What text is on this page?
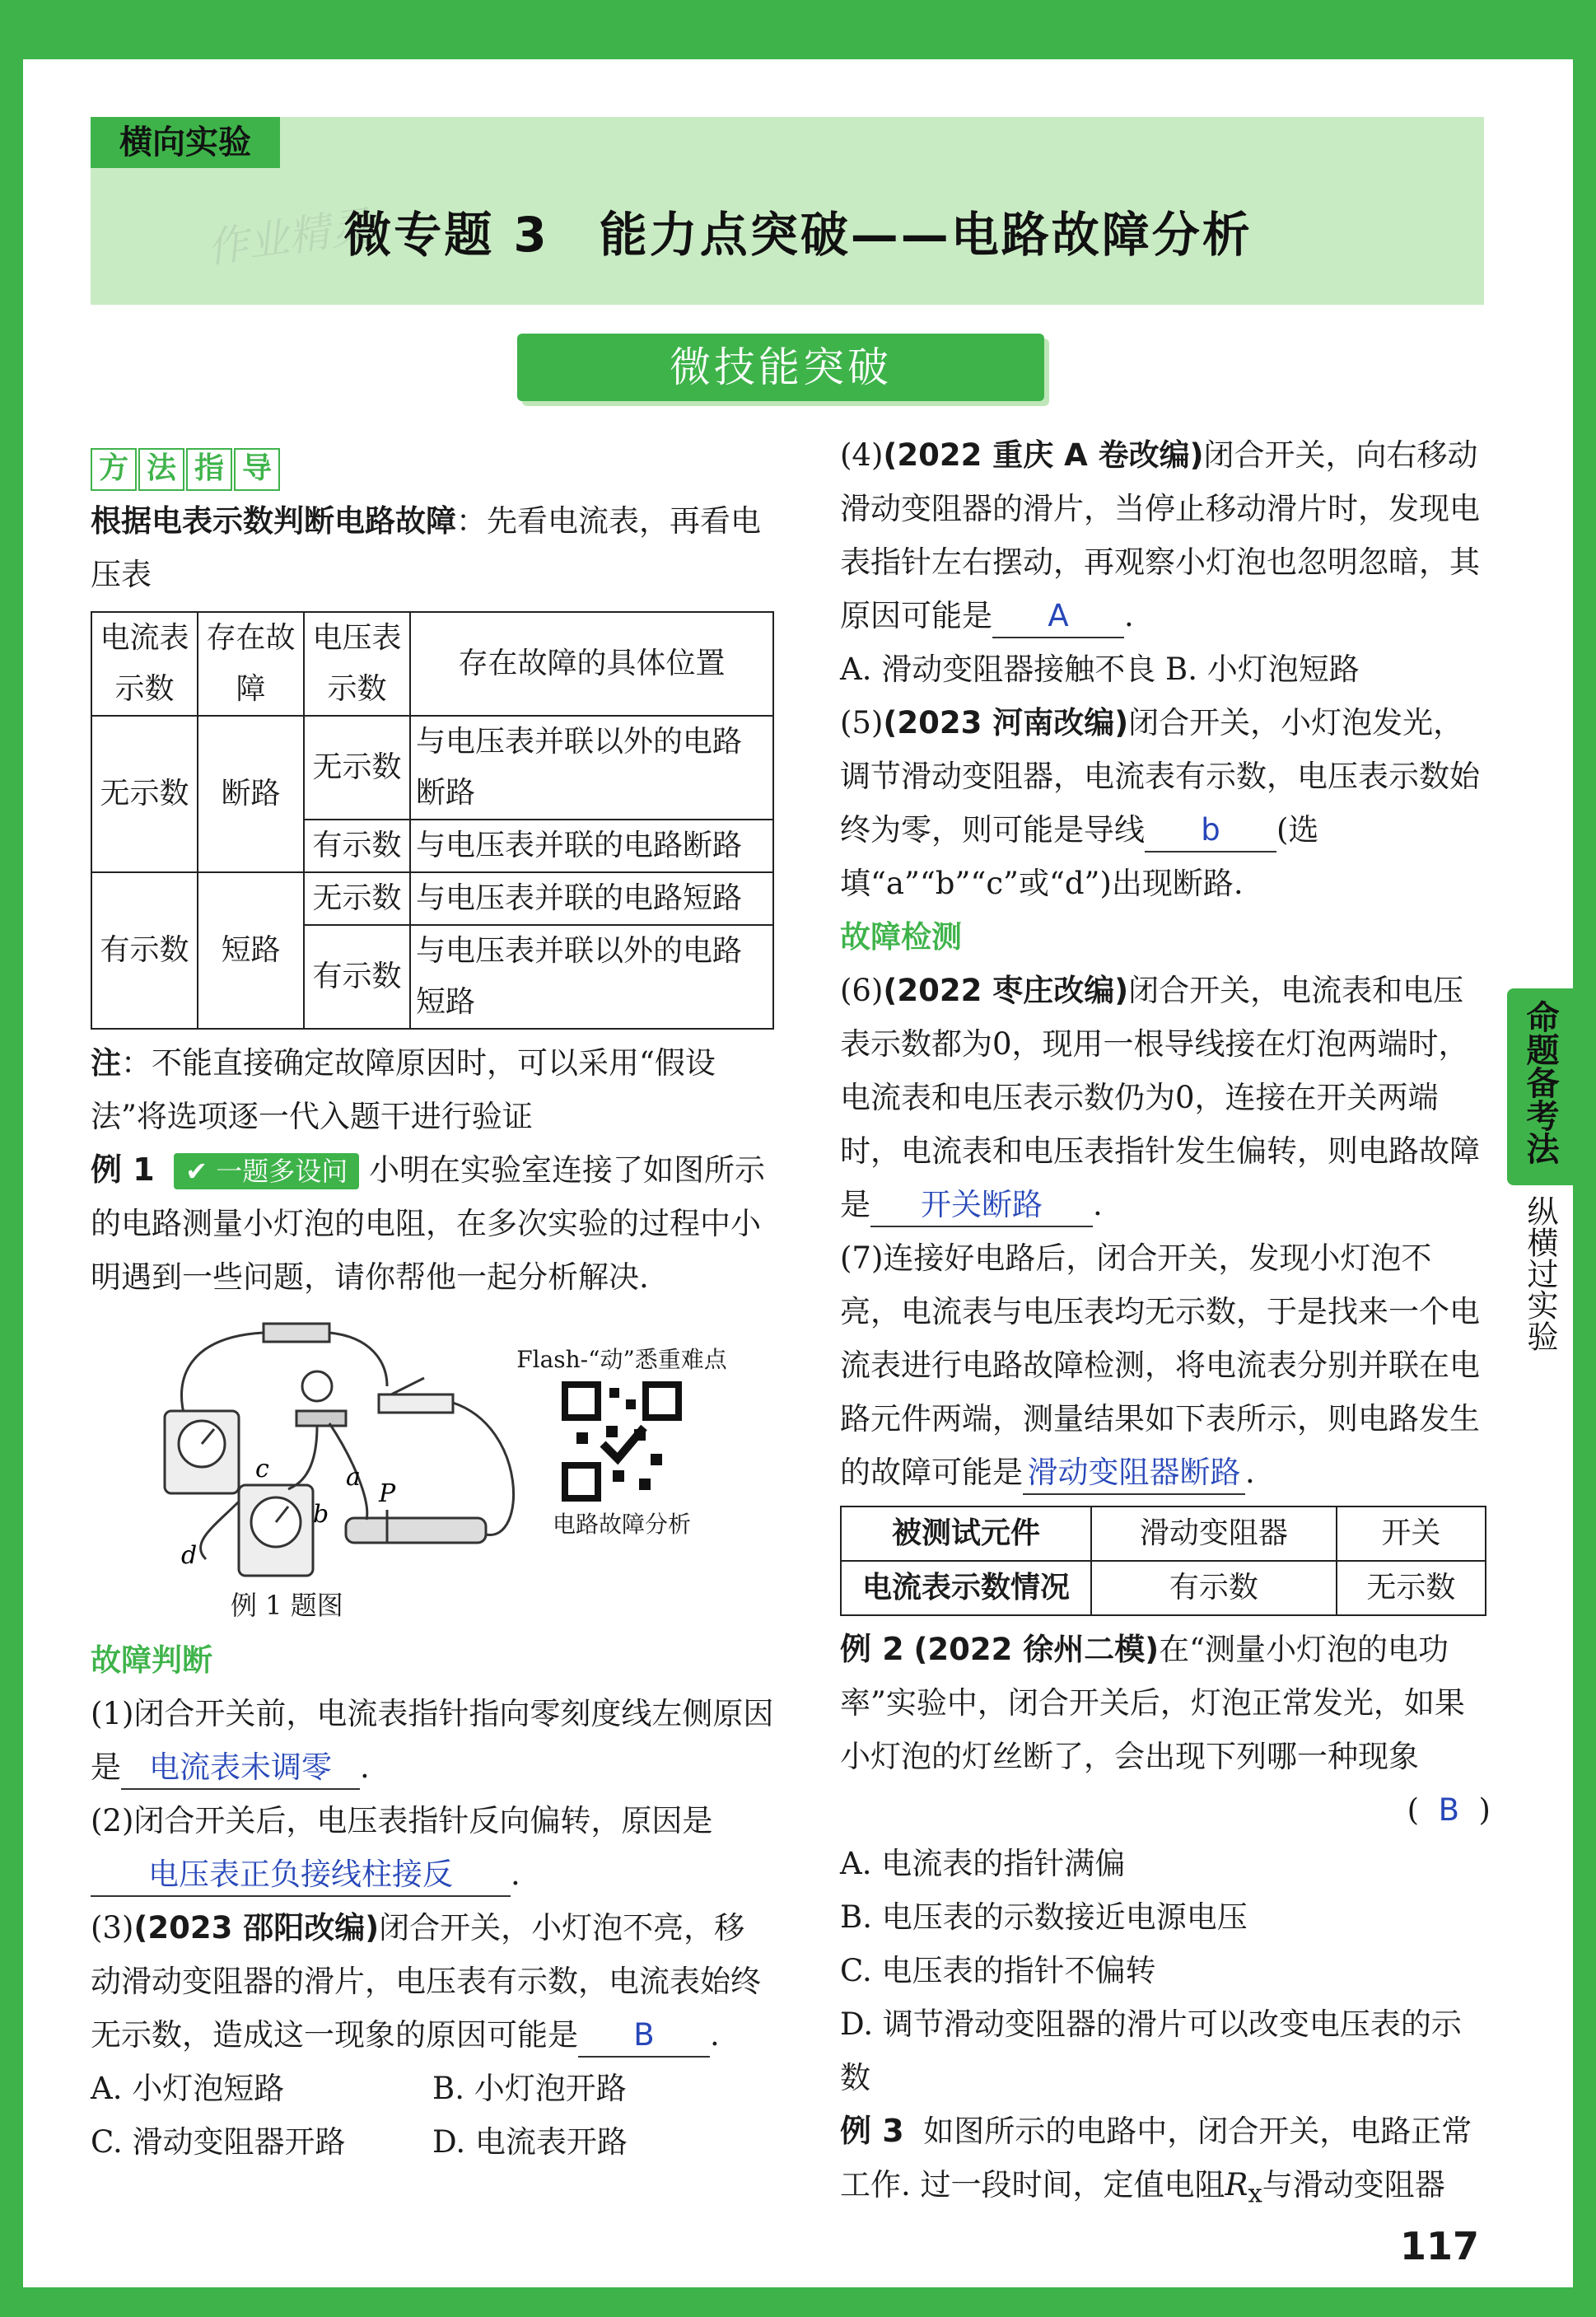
横向实验
作业精灵
微专题 3　能力点突破——电路故障分析
微技能突破
方 法 指 导

根据电表示数判断电路故障：先看电流表，再看电压表

电流表示数	存在故障	电压表示数	存在故障的具体位置
无示数	断路	无示数	与电压表并联以外的电路断路
		有示数	与电压表并联的电路断路
有示数	短路	无示数	与电压表并联的电路短路
		有示数	与电压表并联以外的电路短路

注：不能直接确定故障原因时，可以采用“假设法”将选项逐一代入题干进行验证

例 1 ✔ 一题多设问 小明在实验室连接了如图所示的电路测量小灯泡的电阻，在多次实验的过程中小明遇到一些问题，请你帮他一起分析解决.

a
b
c
d
P
例 1 题图
Flash-“动”悉重难点
电路故障分析

故障判断

(1)闭合开关前，电流表指针指向零刻度线左侧原因是 电流表未调零 .

(2)闭合开关后，电压表指针反向偏转，原因是
电压表正负接线柱接反 .

(3)(2023 邵阳改编)闭合开关，小灯泡不亮，移动滑动变阻器的滑片，电压表有示数，电流表始终无示数，造成这一现象的原因可能是 B .

A. 小灯泡短路	B. 小灯泡开路
C. 滑动变阻器开路	D. 电流表开路

(4)(2022 重庆 A 卷改编)闭合开关，向右移动滑动变阻器的滑片，当停止移动滑片时，发现电表指针左右摆动，再观察小灯泡也忽明忽暗，其原因可能是 A .

A. 滑动变阻器接触不良 B. 小灯泡短路

(5)(2023 河南改编)闭合开关，小灯泡发光，调节滑动变阻器，电流表有示数，电压表示数始终为零，则可能是导线 b (选填“a”“b”“c”或“d”)出现断路.

故障检测

(6)(2022 枣庄改编)闭合开关，电流表和电压表示数都为0，现用一根导线接在灯泡两端时，电流表和电压表示数仍为0，连接在开关两端时，电流表和电压表指针发生偏转，则电路故障是 开关断路 .

(7)连接好电路后，闭合开关，发现小灯泡不亮，电流表与电压表均无示数，于是找来一个电流表进行电路故障检测，将电流表分别并联在电路元件两端，测量结果如下表所示，则电路发生的故障可能是 滑动变阻器断路 .

被测试元件	滑动变阻器	开关
电流表示数情况	有示数	无示数

例 2 (2022 徐州二模)在“测量小灯泡的电功率”实验中，闭合开关后，灯泡正常发光，如果小灯泡的灯丝断了，会出现下列哪一种现象

(  B  )

A. 电流表的指针满偏

B. 电压表的示数接近电源电压

C. 电压表的指针不偏转

D. 调节滑动变阻器的滑片可以改变电压表的示数

例 3 如图所示的电路中，闭合开关，电路正常工作. 过一段时间，定值电阻$R_x$与滑动变阻器

命题备考法
纵横过实验
117
